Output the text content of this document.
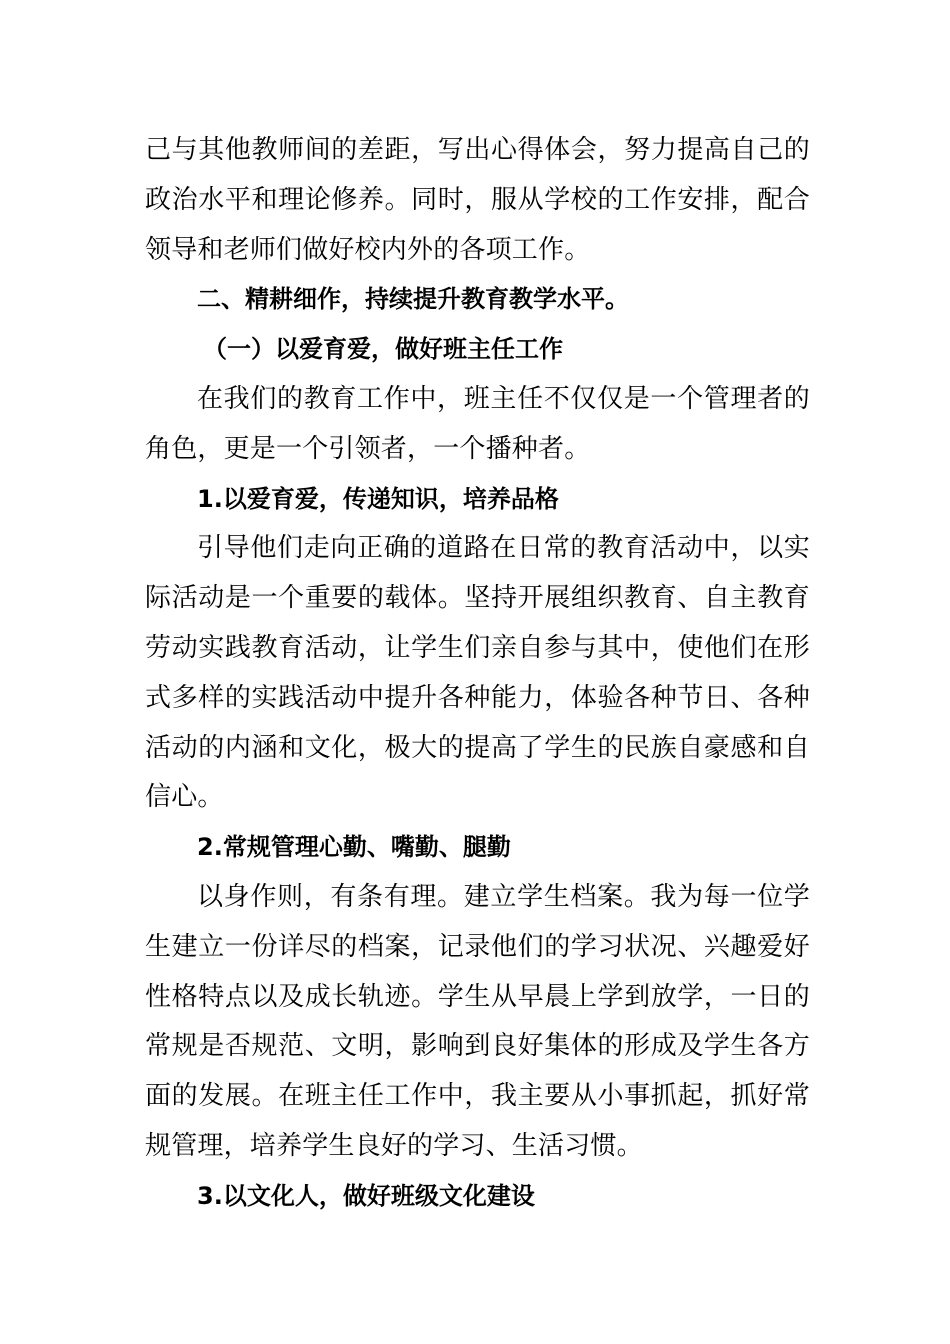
己与其他教师间的差距，写出心得体会，努力提高自己的政治水平和理论修养。同时，服从学校的工作安排，配合领导和老师们做好校内外的各项工作。

二、精耕细作，持续提升教育教学水平。

（一）以爱育爱，做好班主任工作

在我们的教育工作中，班主任不仅仅是一个管理者的角色，更是一个引领者，一个播种者。

1.以爱育爱，传递知识，培养品格

引导他们走向正确的道路在日常的教育活动中，以实际活动是一个重要的载体。坚持开展组织教育、自主教育劳动实践教育活动，让学生们亲自参与其中，使他们在形式多样的实践活动中提升各种能力，体验各种节日、各种活动的内涵和文化，极大的提高了学生的民族自豪感和自信心。

2.常规管理心勤、嘴勤、腿勤

以身作则，有条有理。建立学生档案。我为每一位学生建立一份详尽的档案，记录他们的学习状况、兴趣爱好性格特点以及成长轨迹。学生从早晨上学到放学，一日的常规是否规范、文明，影响到良好集体的形成及学生各方面的发展。在班主任工作中，我主要从小事抓起，抓好常规管理，培养学生良好的学习、生活习惯。

3.以文化人，做好班级文化建设
